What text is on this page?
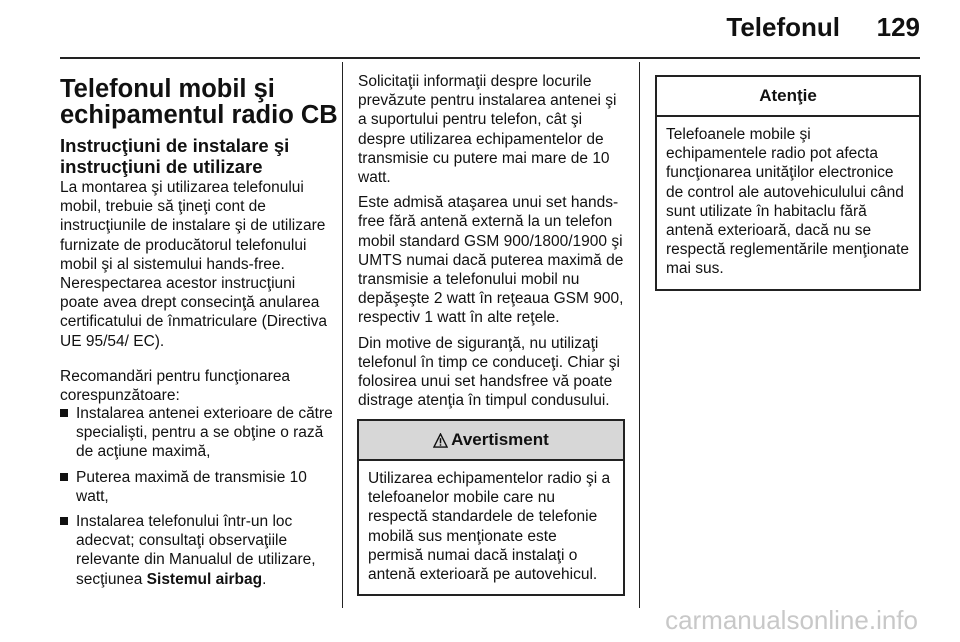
Telefonul 129
Telefonul mobil şi echipamentul radio CB
Instrucţiuni de instalare şi instrucţiuni de utilizare

La montarea şi utilizarea telefonului mobil, trebuie să ţineţi cont de instrucţiunile de instalare şi de utilizare furnizate de producătorul telefonului mobil şi al sistemului hands-free. Nerespectarea acestor instrucţiuni poate avea drept consecinţă anularea certificatului de înmatriculare (Directiva UE 95/54/ EC).

Recomandări pentru funcţionarea corespunzătoare:

Instalarea antenei exterioare de către specialişti, pentru a se obţine o rază de acţiune maximă,
Puterea maximă de transmisie 10 watt,
Instalarea telefonului într-un loc adecvat; consultaţi observaţiile relevante din Manualul de utilizare, secţiunea Sistemul airbag.

Solicitaţii informaţii despre locurile prevăzute pentru instalarea antenei şi a suportului pentru telefon, cât şi despre utilizarea echipamentelor de transmisie cu putere mai mare de 10 watt.

Este admisă ataşarea unui set hands-free fără antenă externă la un telefon mobil standard GSM 900/1800/1900 şi UMTS numai dacă puterea maximă de transmisie a telefonului mobil nu depăşeşte 2 watt în reţeaua GSM 900, respectiv 1 watt în alte reţele.

Din motive de siguranţă, nu utilizaţi telefonul în timp ce conduceţi. Chiar şi folosirea unui set handsfree vă poate distrage atenţia în timpul condusului.

Avertisment
Utilizarea echipamentelor radio şi a telefoanelor mobile care nu respectă standardele de telefonie mobilă sus menţionate este permisă numai dacă instalaţi o antenă exterioară pe autovehicul.
Atenţie
Telefoanele mobile şi echipamentele radio pot afecta funcţionarea unităţilor electronice de control ale autovehiculului când sunt utilizate în habitaclu fără antenă exterioară, dacă nu se respectă reglementările menţionate mai sus.
carmanualsonline.info
